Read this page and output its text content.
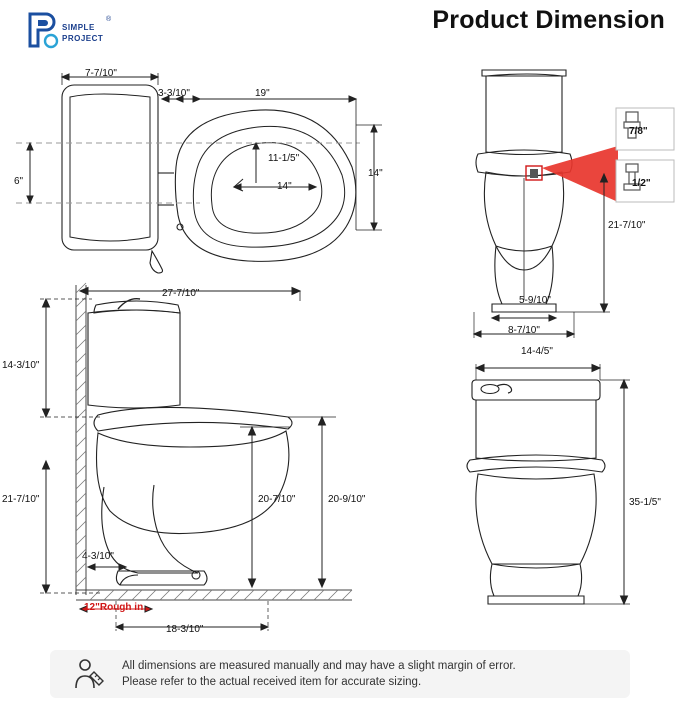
SIMPLE
PROJECT
®	Product Dimension
7-7/10"
3-3/10"	19"
11-1/5"
14"
14"
6"
27-7/10"
14-3/10"
21-7/10"	20-7/10"	20-9/10"
4-3/10"
12"Rough in
18-3/10"
7/8"
1/2"
21-7/10"
5-9/10"
8-7/10"
14-4/5"
35-1/5"
All dimensions are measured manually and may have a slight margin of error.
Please refer to the actual received item for accurate sizing.
